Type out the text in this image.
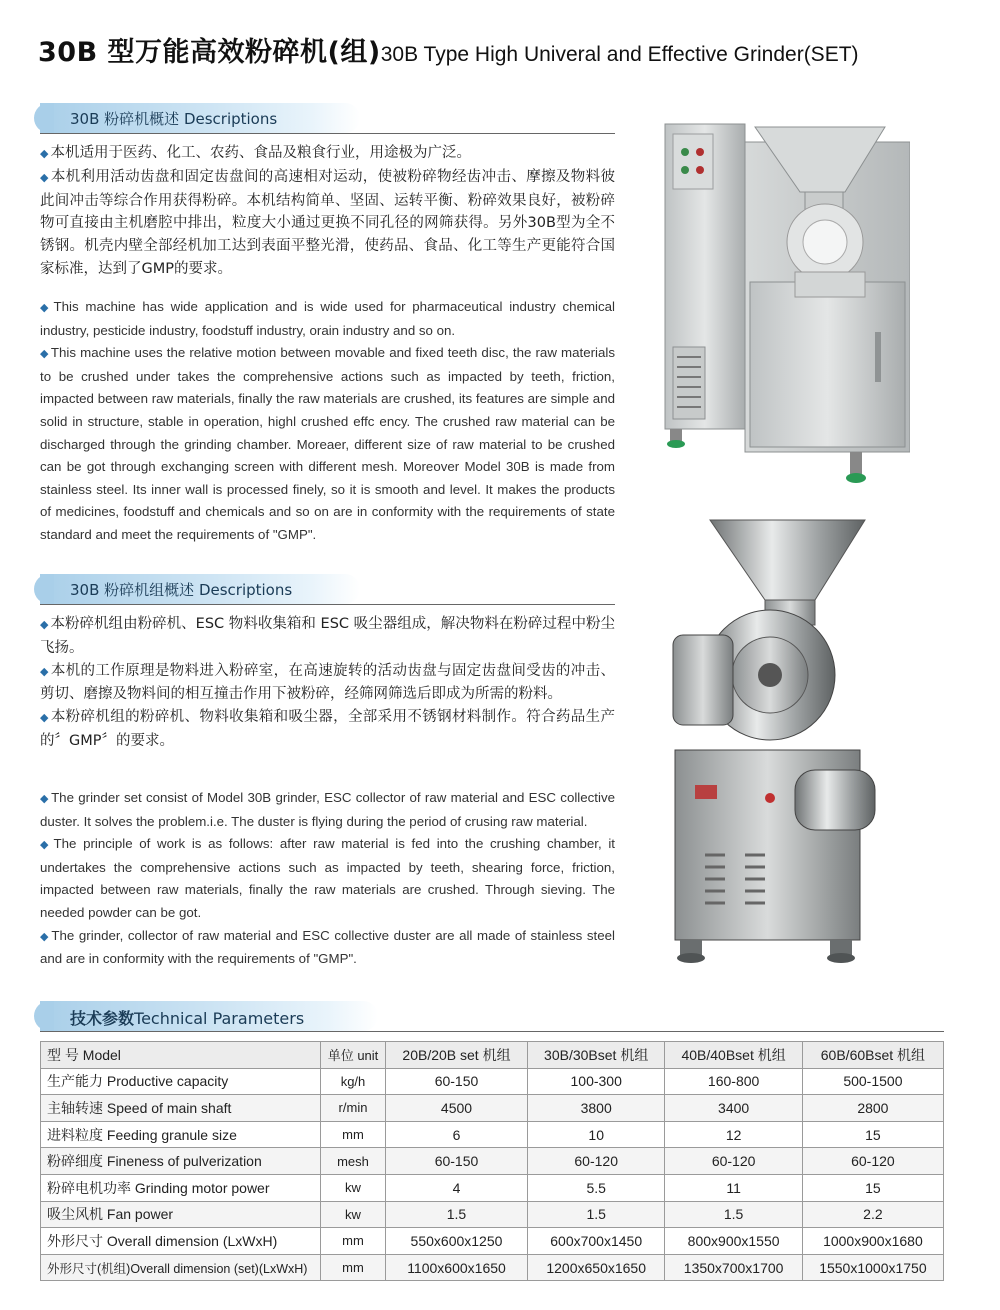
30B 型万能高效粉碎机(组)30B Type High Univeral and Effective Grinder(SET)
30B 粉碎机概述 Descriptions
◆ 本机适用于医药、化工、农药、食品及粮食行业，用途极为广泛。
◆ 本机利用活动齿盘和固定齿盘间的高速相对运动，使被粉碎物经齿冲击、摩擦及物料彼此间冲击等综合作用获得粉碎。本机结构简单、坚固、运转平衡、粉碎效果良好，被粉碎物可直接由主机磨腔中排出，粒度大小通过更换不同孔径的网筛获得。另外30B型为全不锈钢。机壳内壁全部经机加工达到表面平整光滑，使药品、食品、化工等生产更能符合国家标准，达到了GMP的要求。
◆ This machine has wide application and is wide used for pharmaceutical industry chemical industry, pesticide industry, foodstuff industry, orain industry and so on.
◆ This machine uses the relative motion between movable and fixed teeth disc, the raw materials to be crushed under takes the comprehensive actions such as impacted by teeth, friction, impacted between raw materials, finally the raw materials are crushed, its features are simple and solid in structure, stable in operation, highl crushed effc ency. The crushed raw material can be discharged through the grinding chamber. Moreaer, different size of raw material to be crushed can be got through exchanging screen with different mesh. Moreover Model 30B is made from stainless steel. Its inner wall is processed finely, so it is smooth and level. It makes the products of medicines, foodstuff and chemicals and so on are in conformity with the requirements of state standard and meet the requirements of "GMP".
30B 粉碎机组概述 Descriptions
◆ 本粉碎机组由粉碎机、ESC 物料收集箱和 ESC 吸尘器组成，解决物料在粉碎过程中粉尘飞扬。
◆ 本机的工作原理是物料进入粉碎室，在高速旋转的活动齿盘与固定齿盘间受齿的冲击、剪切、磨擦及物料间的相互撞击作用下被粉碎，经筛网筛选后即成为所需的粉料。
◆ 本粉碎机组的粉碎机、物料收集箱和吸尘器，全部采用不锈钢材料制作。符合药品生产的〞GMP〞的要求。
◆ The grinder set consist of Model 30B grinder, ESC collector of raw material and ESC collective duster. It solves the problem.i.e. The duster is flying during the period of crusing raw material.
◆ The principle of work is as follows: after raw material is fed into the crushing chamber, it undertakes the comprehensive actions such as impacted by teeth, shearing force, friction, impacted between raw materials, finally the raw materials are crushed. Through sieving. The needed powder can be got.
◆ The grinder, collector of raw material and ESC collective duster are all made of stainless steel and are in conformity with the requirements of "GMP".
技术参数Technical Parameters
型 号 Model	单位 unit	20B/20B set 机组	30B/30Bset 机组	40B/40Bset 机组	60B/60Bset 机组
生产能力 Productive capacity	kg/h	60-150	100-300	160-800	500-1500
主轴转速 Speed of main shaft	r/min	4500	3800	3400	2800
进料粒度 Feeding granule size	mm	6	10	12	15
粉碎细度 Fineness of pulverization	mesh	60-150	60-120	60-120	60-120
粉碎电机功率 Grinding motor power	kw	4	5.5	11	15
吸尘风机 Fan power	kw	1.5	1.5	1.5	2.2
外形尺寸 Overall dimension (LxWxH)	mm	550x600x1250	600x700x1450	800x900x1550	1000x900x1680
外形尺寸(机组)Overall dimension (set)(LxWxH)	mm	1100x600x1650	1200x650x1650	1350x700x1700	1550x1000x1750
